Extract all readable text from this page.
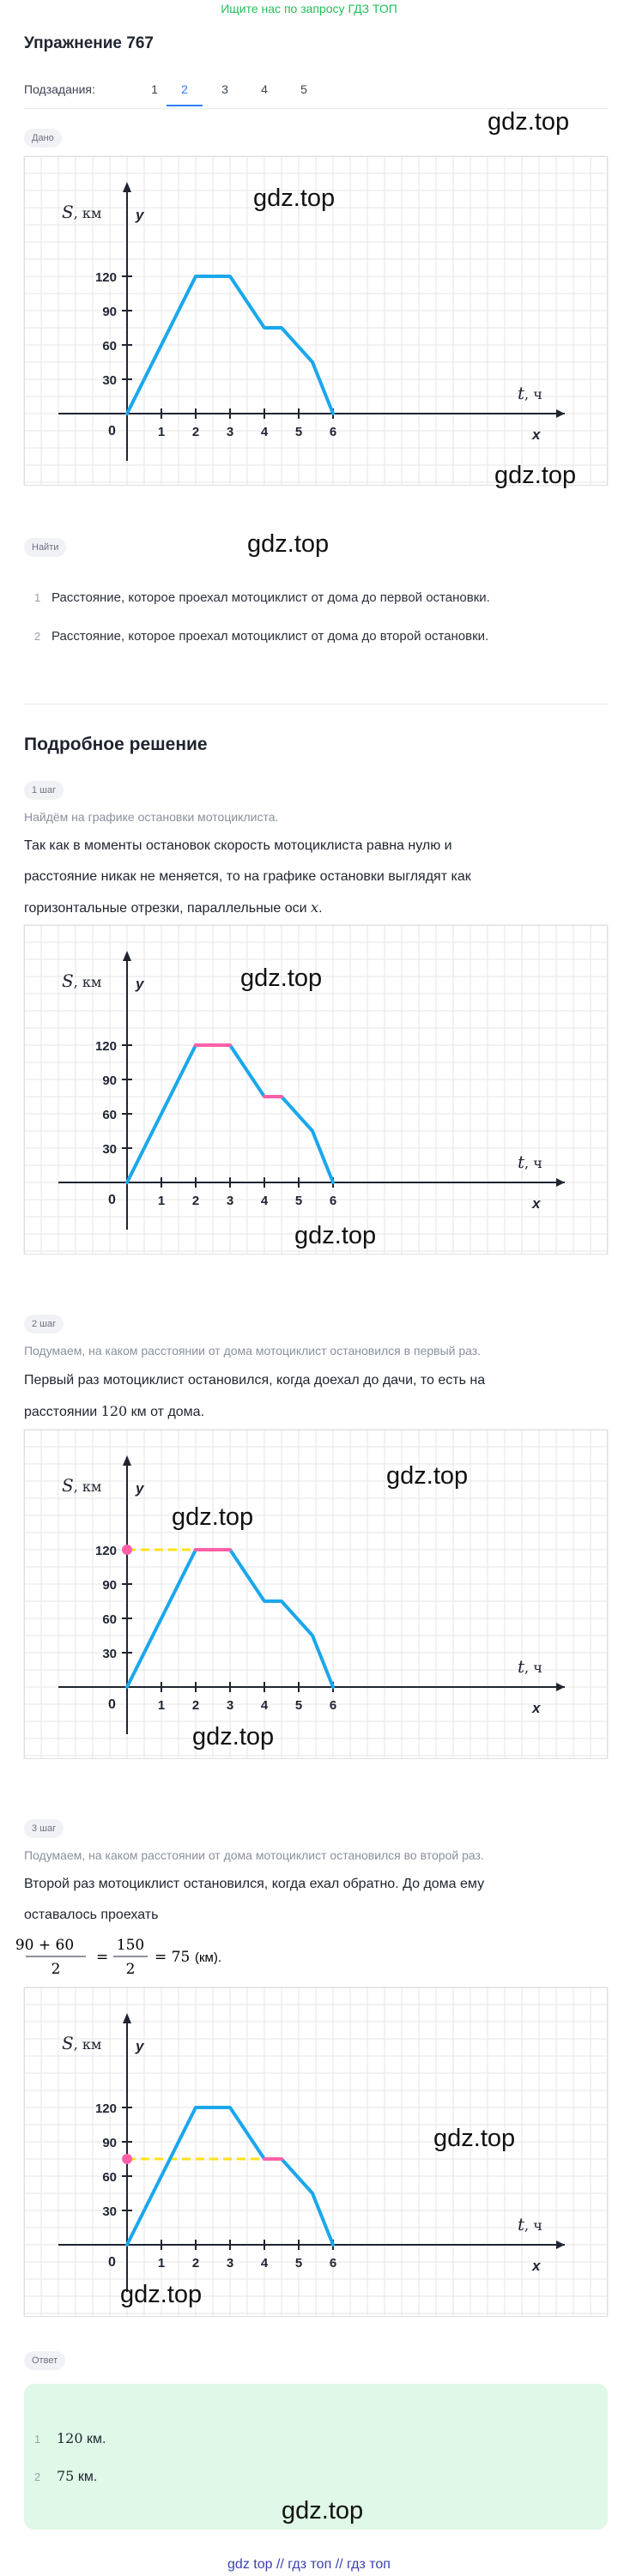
Ищите нас по запросу ГДЗ ТОП
Упражнение 767
Подзадания:	1	2	3	4	5
Дано
S, км
t, ч
y
x
0	1 2 3 4 5 6
30
60
90
120
gdz.top
gdz.top
gdz.top
Найти	gdz.top
1 Расстояние, которое проехал мотоциклист от дома до первой остановки.
2 Расстояние, которое проехал мотоциклист от дома до второй остановки.
Подробное решение
1 шаг
Найдём на графике остановки мотоциклиста.
Так как в моменты остановок скорость мотоциклиста равна нулю и
расстояние никак не меняется, то на графике остановки выглядят как
горизонтальные отрезки, параллельные оси x.
S, км
t, ч
y
x
0	1 2 3 4 5 6
30
60
90
120
gdz.top
gdz.top
2 шаг
Подумаем, на каком расстоянии от дома мотоциклист остановился в первый раз.
Первый раз мотоциклист остановился, когда доехал до дачи, то есть на
расстоянии 120 км от дома.
S, км
t, ч
y
x
0	1 2 3 4 5 6
30
60
90
120
gdz.top
gdz.top
gdz.top
3 шаг
Подумаем, на каком расстоянии от дома мотоциклист остановился во второй раз.
Второй раз мотоциклист остановился, когда ехал обратно. До дома ему
оставалось проехать
90 + 60
2
=
150
2
= 75 (км).
S, км
t, ч
y
x
0	1 2 3 4 5 6
30
60
90
120
gdz.top
gdz.top
Ответ
1 120 км.
2 75 км.
gdz.top
gdz top // гдз топ // гдз топ
